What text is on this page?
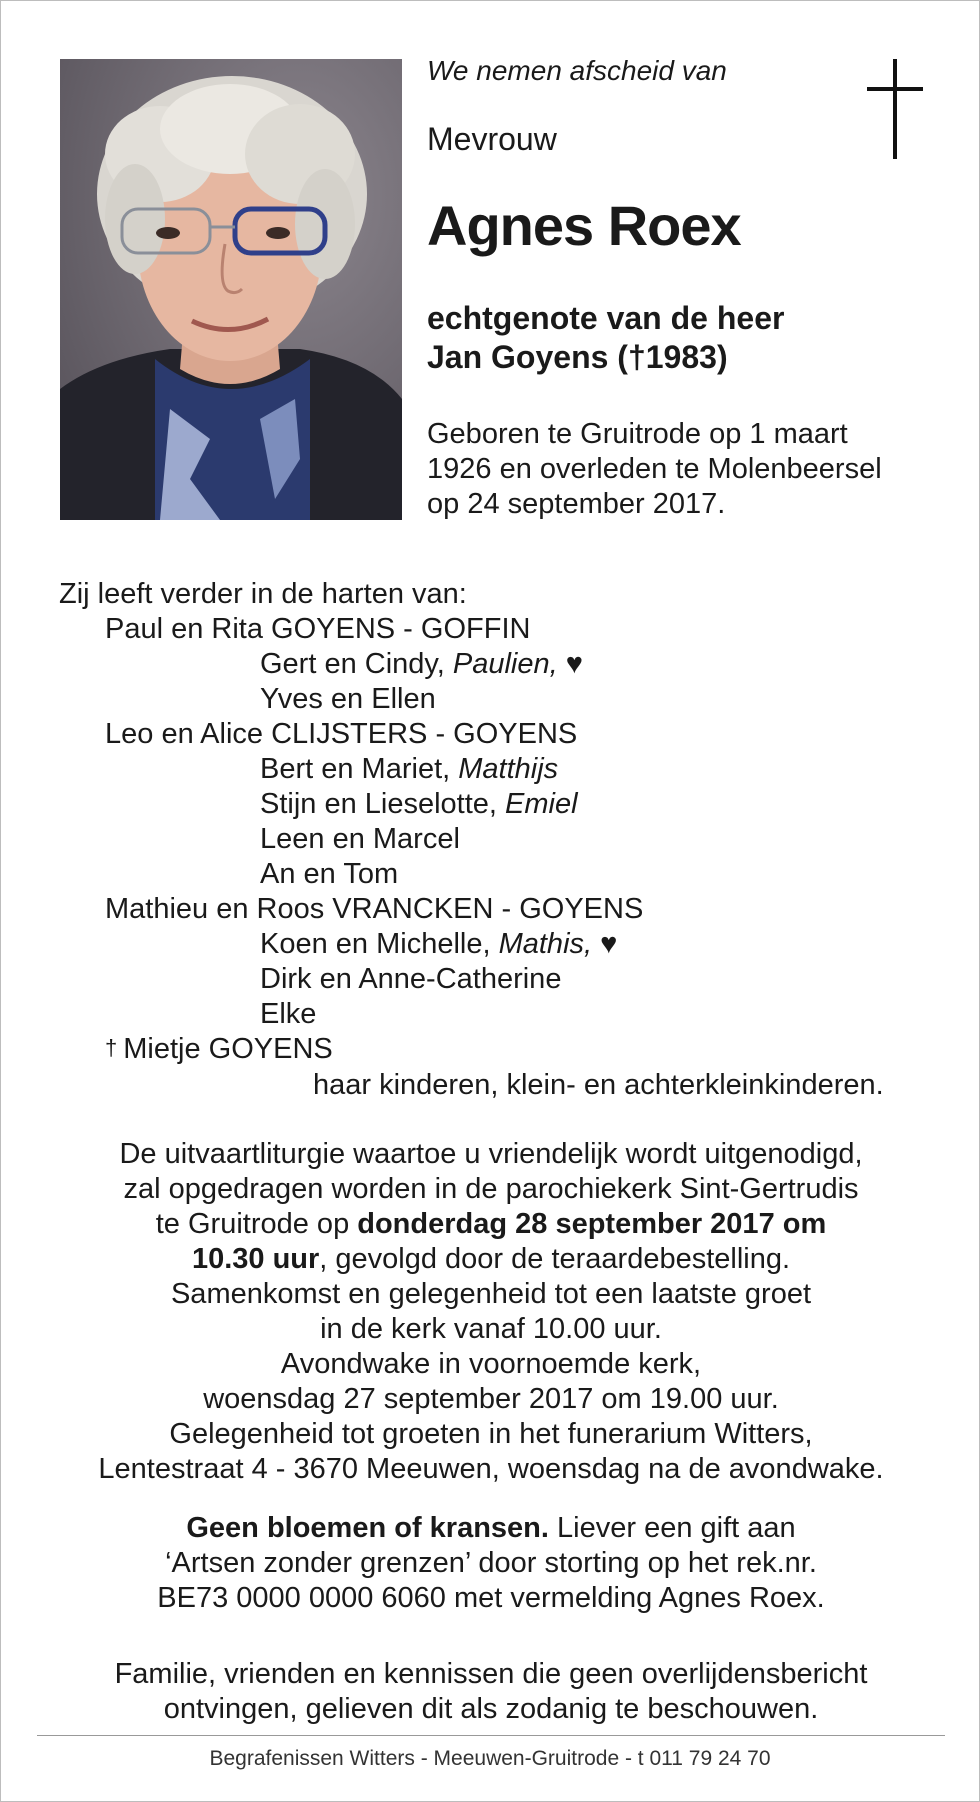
We nemen afscheid van

Mevrouw

Agnes Roex

echtgenote van de heer
Jan Goyens (†1983)

Geboren te Gruitrode op 1 maart
1926 en overleden te Molenbeersel
op 24 september 2017.

Zij leeft verder in de harten van:
Paul en Rita GOYENS - GOFFIN
Gert en Cindy, Paulien, ♥
Yves en Ellen
Leo en Alice CLIJSTERS - GOYENS
Bert en Mariet, Matthijs
Stijn en Lieselotte, Emiel
Leen en Marcel
An en Tom
Mathieu en Roos VRANCKEN - GOYENS
Koen en Michelle, Mathis, ♥
Dirk en Anne-Catherine
Elke
† Mietje GOYENS
haar kinderen, klein- en achterkleinkinderen.
De uitvaartliturgie waartoe u vriendelijk wordt uitgenodigd,
zal opgedragen worden in de parochiekerk Sint-Gertrudis
te Gruitrode op donderdag 28 september 2017 om
10.30 uur, gevolgd door de teraardebestelling.
Samenkomst en gelegenheid tot een laatste groet
in de kerk vanaf 10.00 uur.
Avondwake in voornoemde kerk,
woensdag 27 september 2017 om 19.00 uur.
Gelegenheid tot groeten in het funerarium Witters,
Lentestraat 4 - 3670 Meeuwen, woensdag na de avondwake.
Geen bloemen of kransen. Liever een gift aan
‘Artsen zonder grenzen’ door storting op het rek.nr.
BE73 0000 0000 6060 met vermelding Agnes Roex.
Familie, vrienden en kennissen die geen overlijdensbericht
ontvingen, gelieven dit als zodanig te beschouwen.
Begrafenissen Witters - Meeuwen-Gruitrode - t 011 79 24 70
